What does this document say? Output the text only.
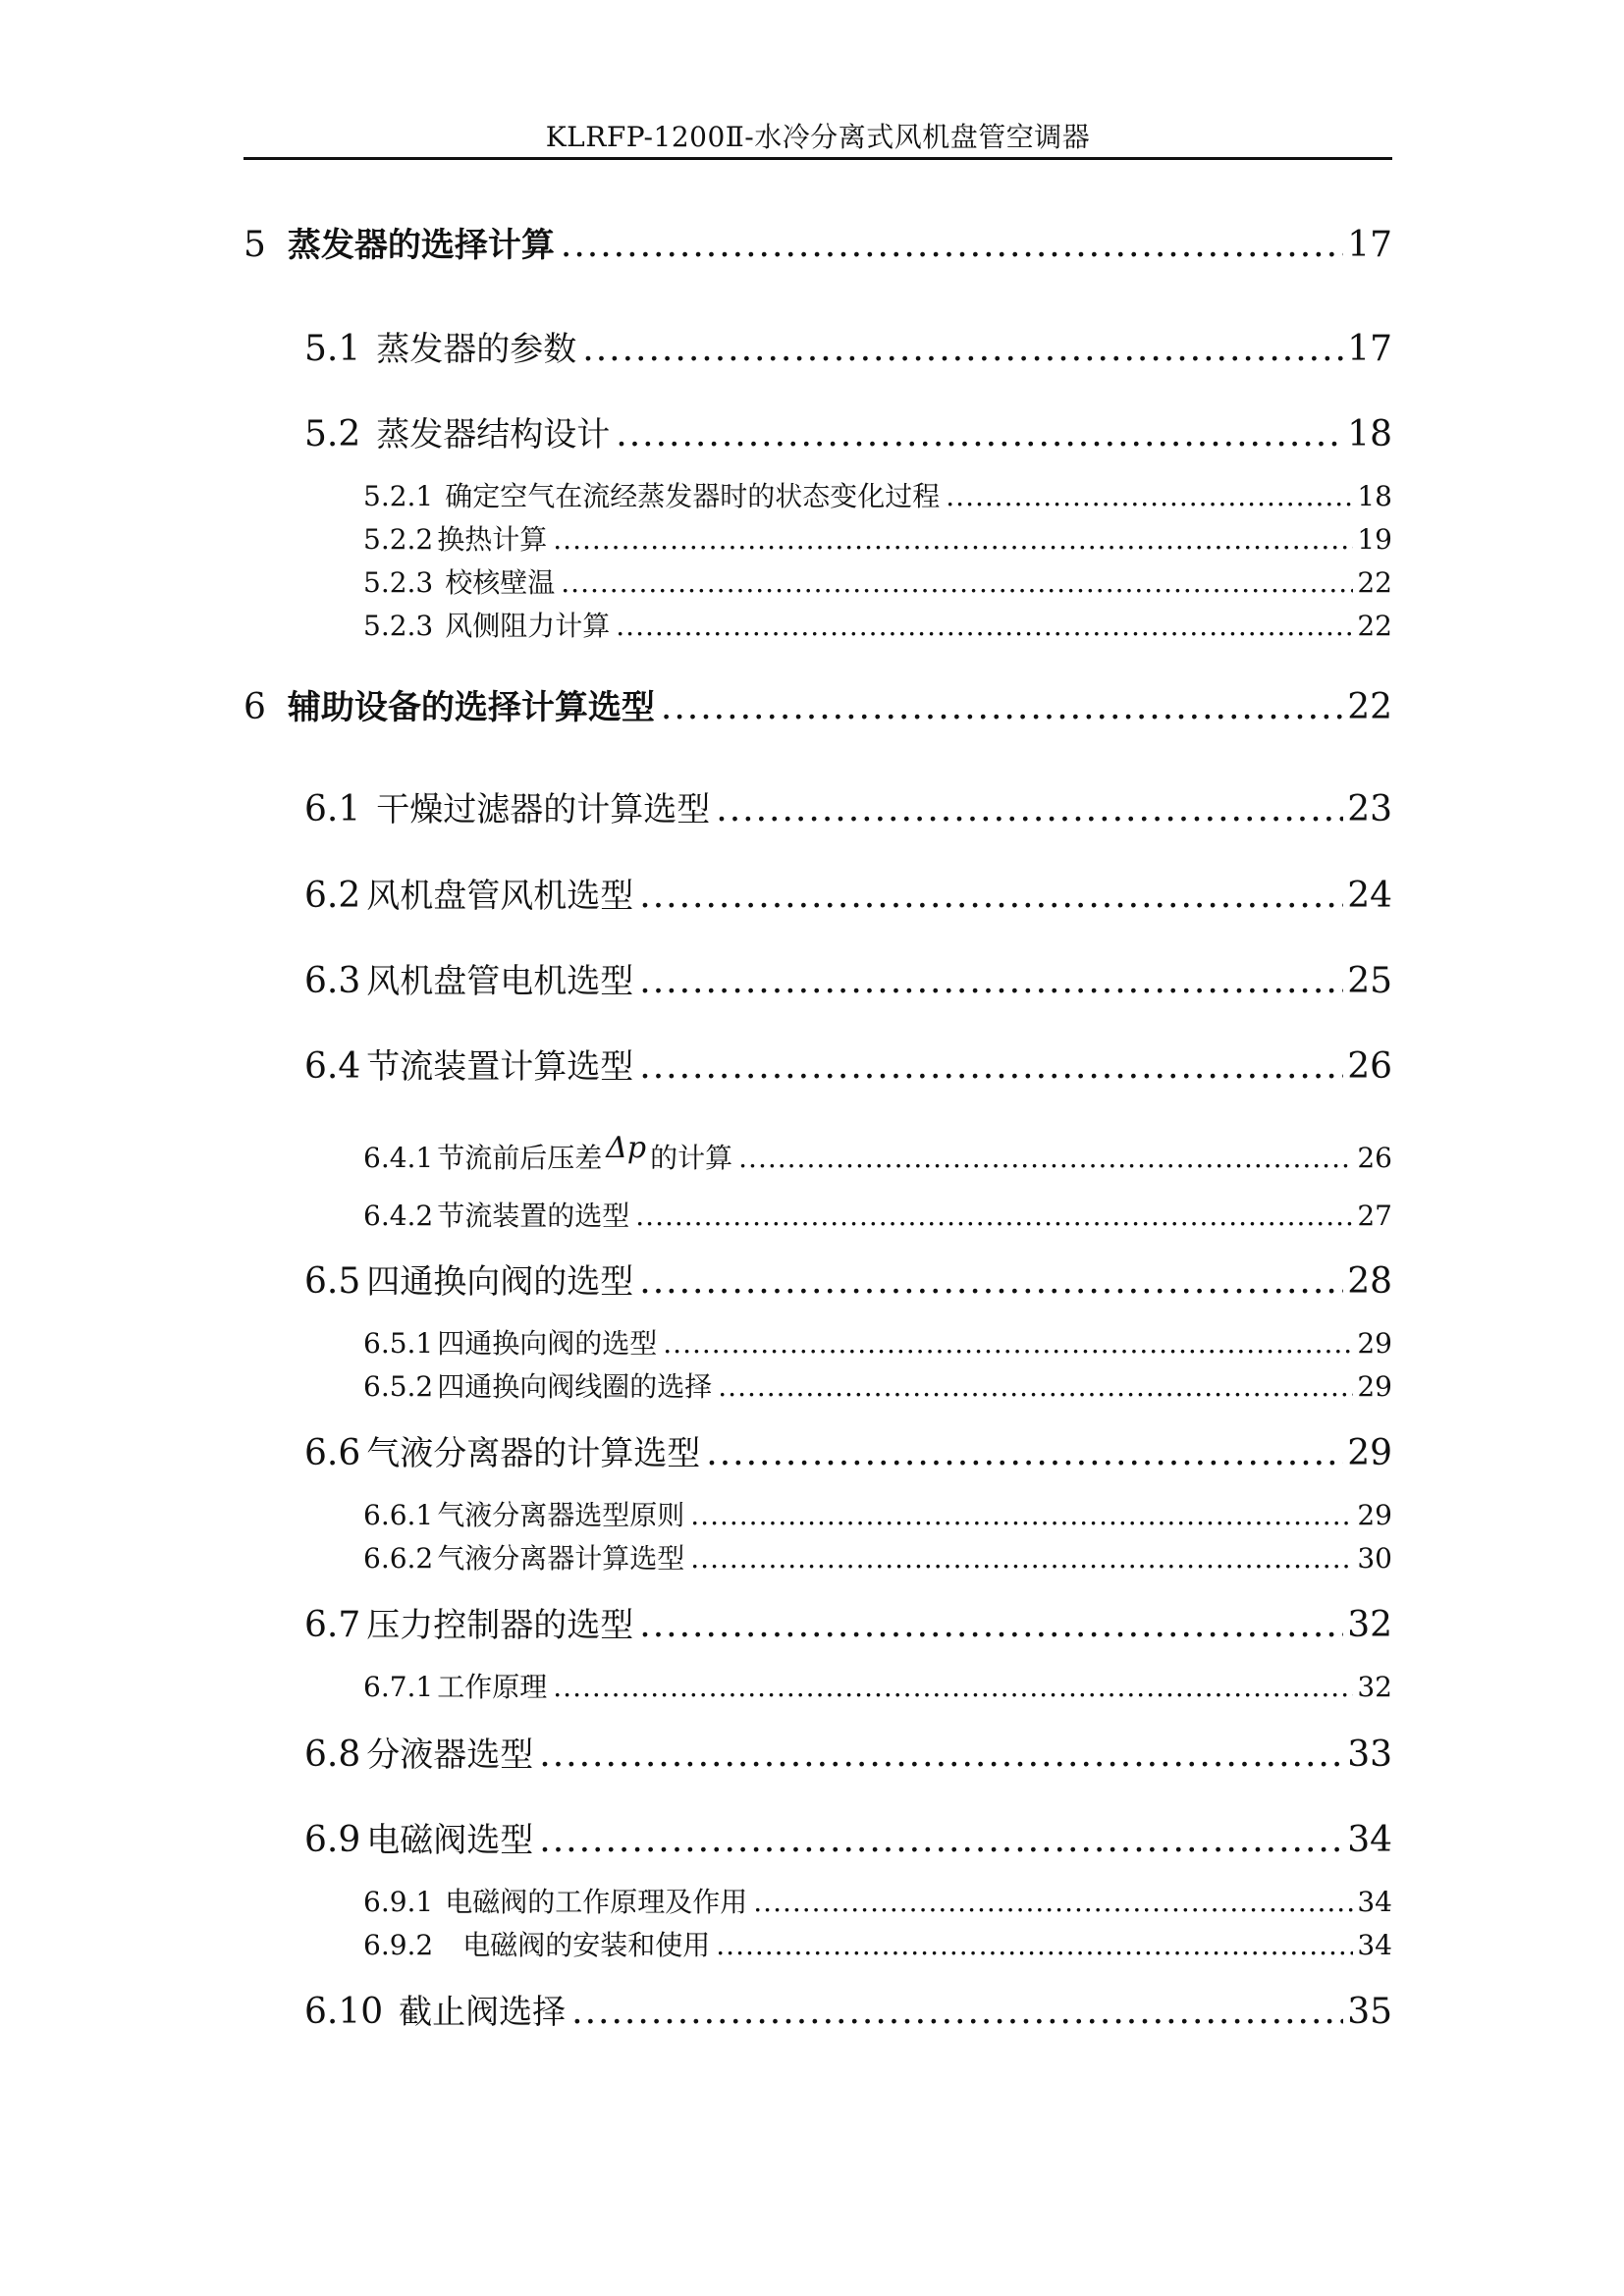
KLRFP-1200Ⅱ-水冷分离式风机盘管空调器
5 蒸发器的选择计算 .....	17
5.1 蒸发器的参数 .....	17
5.2 蒸发器结构设计 .....	18
5.2.1 确定空气在流经蒸发器时的状态变化过程 .....	18
5.2.2 换热计算 .....	19
5.2.3 校核壁温 .....	22
5.2.3 风侧阻力计算 .....	22
6 辅助设备的选择计算选型 .....	22
6.1 干燥过滤器的计算选型 .....	23
6.2 风机盘管风机选型 .....	24
6.3 风机盘管电机选型 .....	25
6.4 节流装置计算选型 .....	26
6.4.1 节流前后压差 Δp 的计算 .....	26
6.4.2 节流装置的选型 .....	27
6.5 四通换向阀的选型 .....	28
6.5.1 四通换向阀的选型 .....	29
6.5.2 四通换向阀线圈的选择 .....	29
6.6 气液分离器的计算选型 .....	29
6.6.1 气液分离器选型原则 .....	29
6.6.2 气液分离器计算选型 .....	30
6.7 压力控制器的选型 .....	32
6.7.1 工作原理 .....	32
6.8 分液器选型 .....	33
6.9 电磁阀选型 .....	34
6.9.1 电磁阀的工作原理及作用 .....	34
6.9.2 电磁阀的安装和使用 .....	34
6.10 截止阀选择 .....	35
